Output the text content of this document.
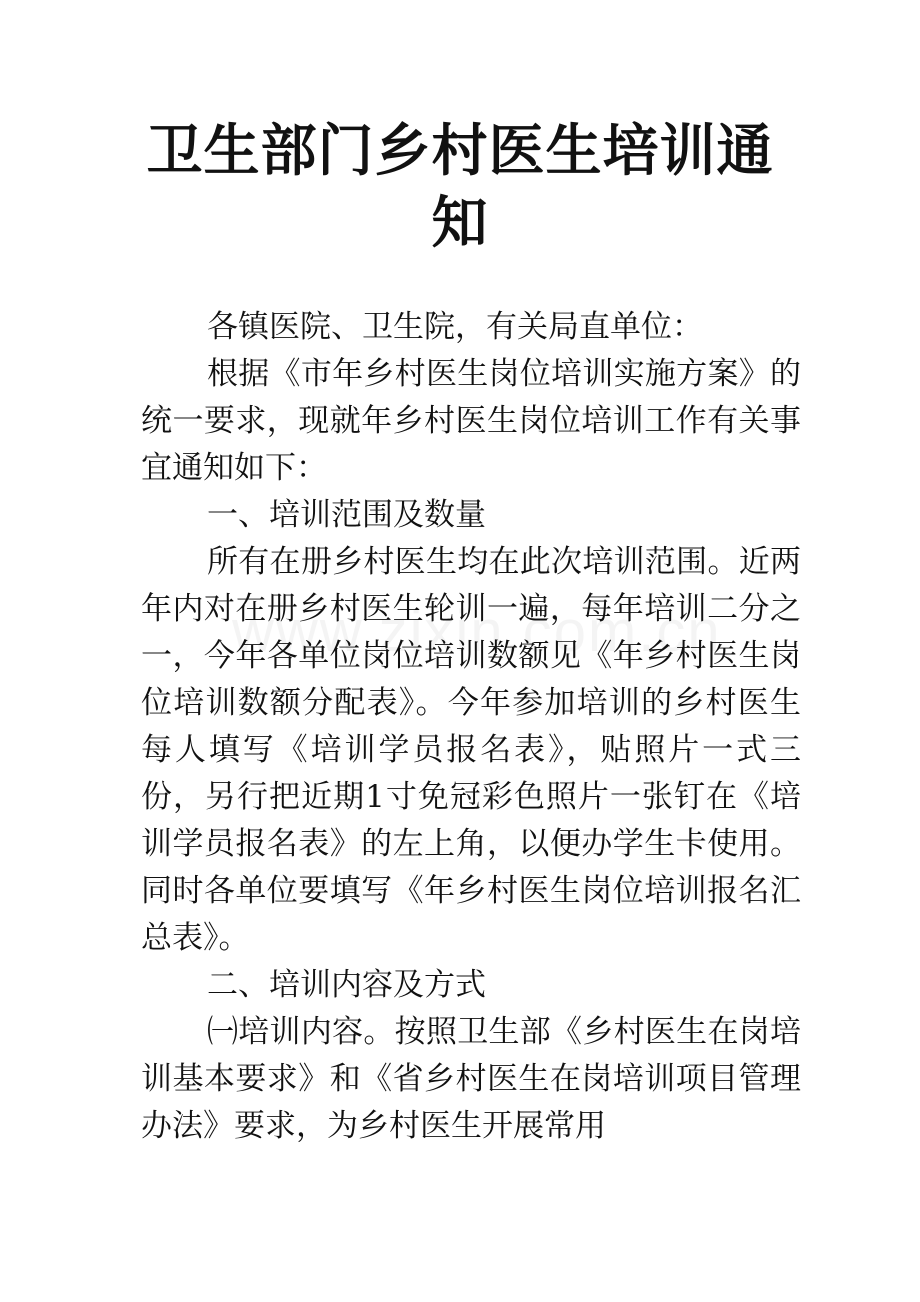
卫生部门乡村医生培训通知

各镇医院、卫生院，有关局直单位：

根据《市年乡村医生岗位培训实施方案》的统一要求，现就年乡村医生岗位培训工作有关事宜通知如下：

一、培训范围及数量

所有在册乡村医生均在此次培训范围。近两年内对在册乡村医生轮训一遍，每年培训二分之一，今年各单位岗位培训数额见《年乡村医生岗位培训数额分配表》。今年参加培训的乡村医生每人填写《培训学员报名表》，贴照片一式三份，另行把近期1寸免冠彩色照片一张钉在《培训学员报名表》的左上角，以便办学生卡使用。同时各单位要填写《年乡村医生岗位培训报名汇总表》。

二、培训内容及方式

㈠培训内容。按照卫生部《乡村医生在岗培训基本要求》和《省乡村医生在岗培训项目管理办法》要求，为乡村医生开展常用
